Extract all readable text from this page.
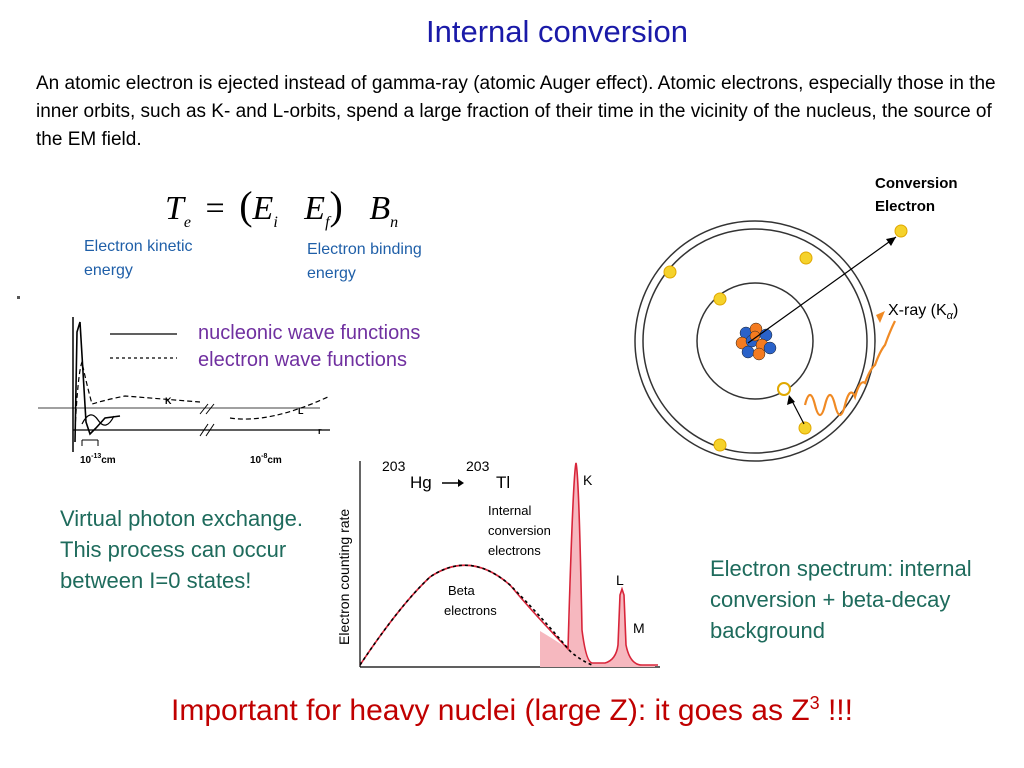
Internal conversion
An atomic electron is ejected instead of gamma-ray (atomic Auger effect). Atomic electrons, especially those in the inner orbits, such as K- and L-orbits, spend a large fraction of their time in the vicinity of the nucleus, the source of the EM field.
$T_e = (E_i$ $E_f$) $B_n$
Electron kinetic energy
Electron binding energy
nucleonic wave functions
electron wave functions
K
L
r
$10^{-13}cm$	$10^{-8}cm$
Virtual photon exchange. This process can occur between I=0 states!	Electron counting rate
203
Hg
203
Tl
Internal
conversion
electrons
Beta
electrons
K
L
M
Electron spectrum: internal conversion + beta-decay background
Conversion
Electron
X-ray $(K_\alpha)$
Important for heavy nuclei (large Z): it goes as $Z^3$ !!!
